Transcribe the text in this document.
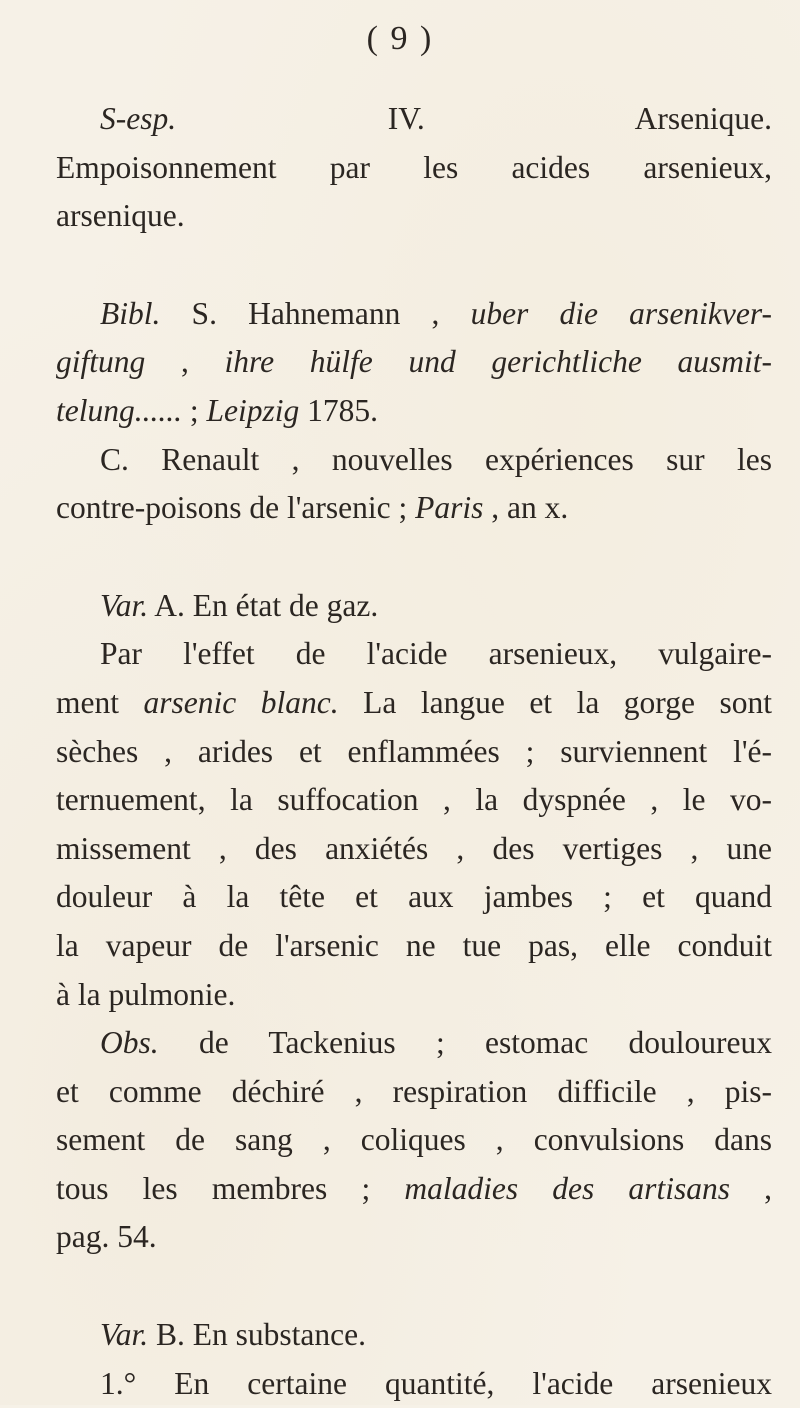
( 9 )
S-esp. IV. Arsenique.
Empoisonnement par les acides arsenieux,
arsenique.
Bibl. S. Hahnemann , uber die arsenikver-
giftung , ihre hülfe und gerichtliche ausmit-
telung...... ; Leipzig 1785.
C. Renault , nouvelles expériences sur les
contre-poisons de l'arsenic ; Paris , an x.
Var. A. En état de gaz.
Par l'effet de l'acide arsenieux, vulgaire-
ment arsenic blanc. La langue et la gorge sont
sèches , arides et enflammées ; surviennent l'é-
ternuement, la suffocation , la dyspnée , le vo-
missement , des anxiétés , des vertiges , une
douleur à la tête et aux jambes ; et quand
la vapeur de l'arsenic ne tue pas, elle conduit
à la pulmonie.
Obs. de Tackenius ; estomac douloureux
et comme déchiré , respiration difficile , pis-
sement de sang , coliques , convulsions dans
tous les membres ; maladies des artisans ,
pag. 54.
Var. B. En substance.
1.° En certaine quantité, l'acide arsenieux
